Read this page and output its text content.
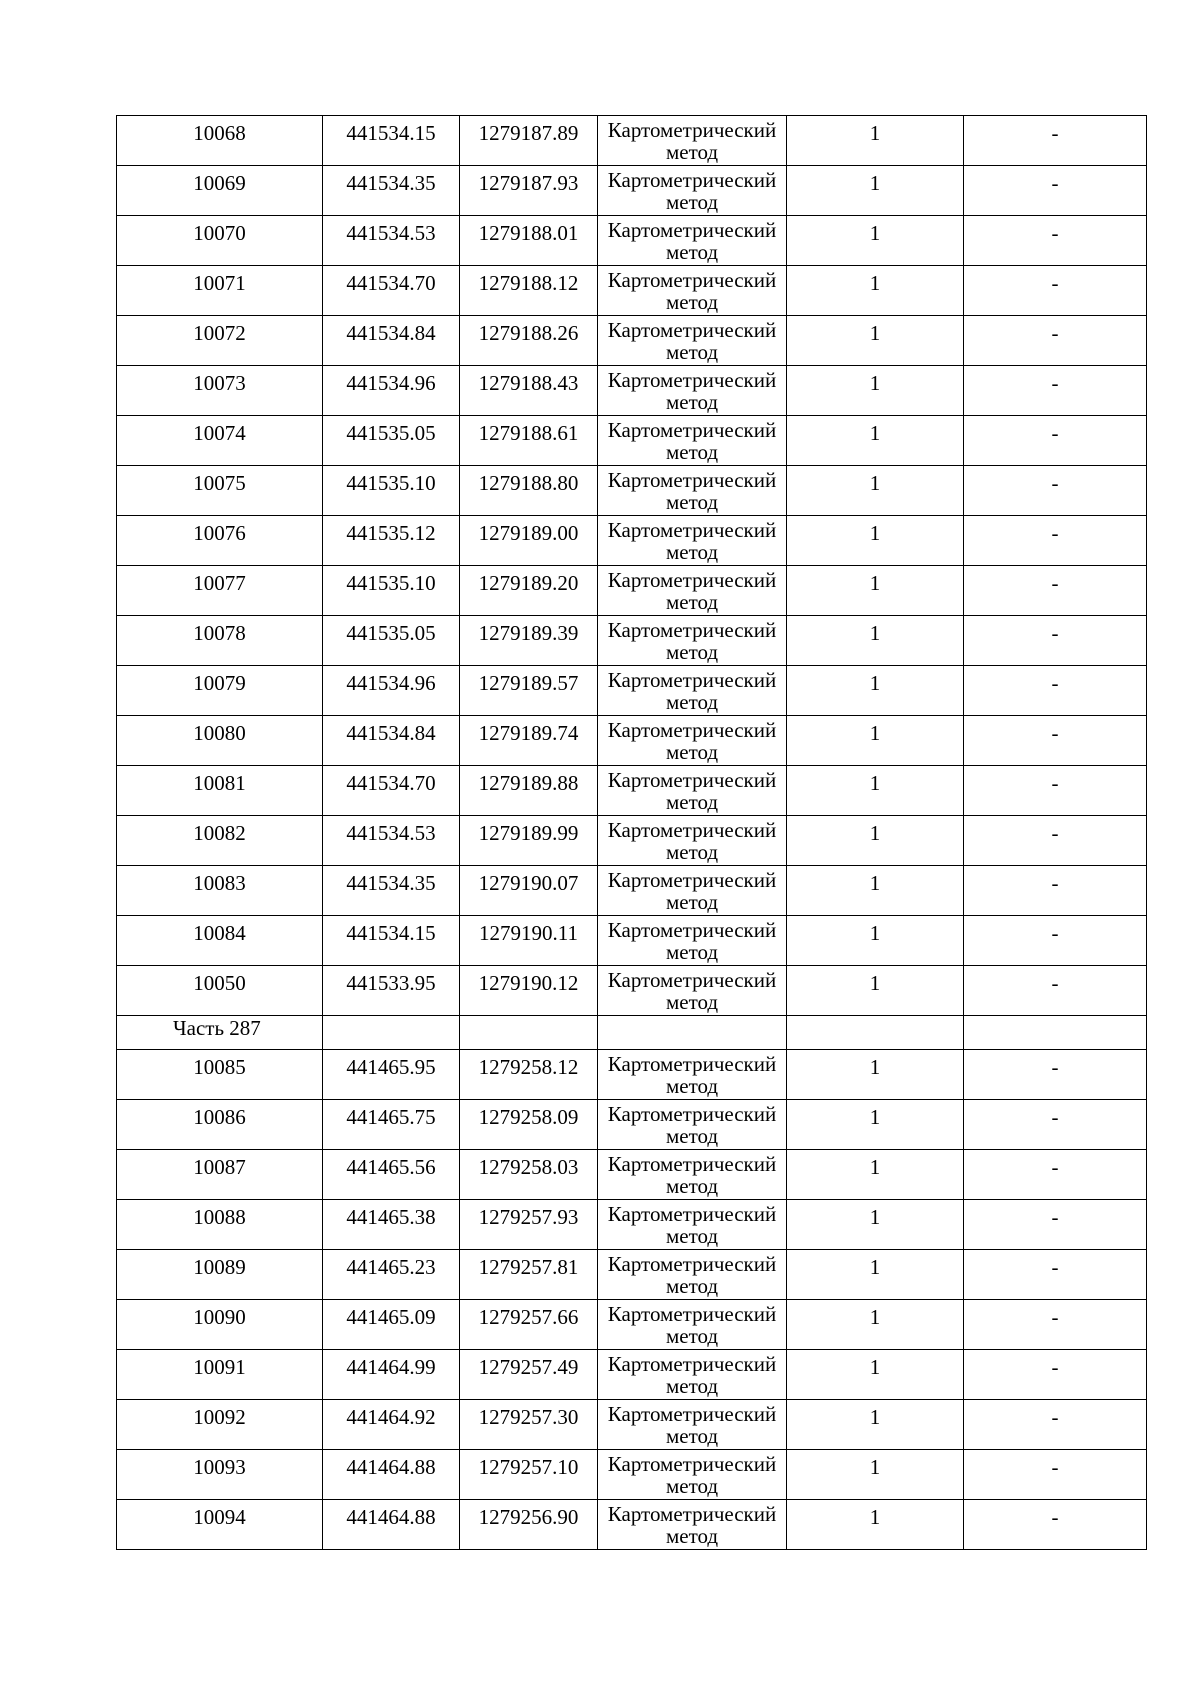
10068	441534.15	1279187.89	Картометрический метод	1	-
10069	441534.35	1279187.93	Картометрический метод	1	-
10070	441534.53	1279188.01	Картометрический метод	1	-
10071	441534.70	1279188.12	Картометрический метод	1	-
10072	441534.84	1279188.26	Картометрический метод	1	-
10073	441534.96	1279188.43	Картометрический метод	1	-
10074	441535.05	1279188.61	Картометрический метод	1	-
10075	441535.10	1279188.80	Картометрический метод	1	-
10076	441535.12	1279189.00	Картометрический метод	1	-
10077	441535.10	1279189.20	Картометрический метод	1	-
10078	441535.05	1279189.39	Картометрический метод	1	-
10079	441534.96	1279189.57	Картометрический метод	1	-
10080	441534.84	1279189.74	Картометрический метод	1	-
10081	441534.70	1279189.88	Картометрический метод	1	-
10082	441534.53	1279189.99	Картометрический метод	1	-
10083	441534.35	1279190.07	Картометрический метод	1	-
10084	441534.15	1279190.11	Картометрический метод	1	-
10050	441533.95	1279190.12	Картометрический метод	1	-
Часть 287					
10085	441465.95	1279258.12	Картометрический метод	1	-
10086	441465.75	1279258.09	Картометрический метод	1	-
10087	441465.56	1279258.03	Картометрический метод	1	-
10088	441465.38	1279257.93	Картометрический метод	1	-
10089	441465.23	1279257.81	Картометрический метод	1	-
10090	441465.09	1279257.66	Картометрический метод	1	-
10091	441464.99	1279257.49	Картометрический метод	1	-
10092	441464.92	1279257.30	Картометрический метод	1	-
10093	441464.88	1279257.10	Картометрический метод	1	-
10094	441464.88	1279256.90	Картометрический метод	1	-
